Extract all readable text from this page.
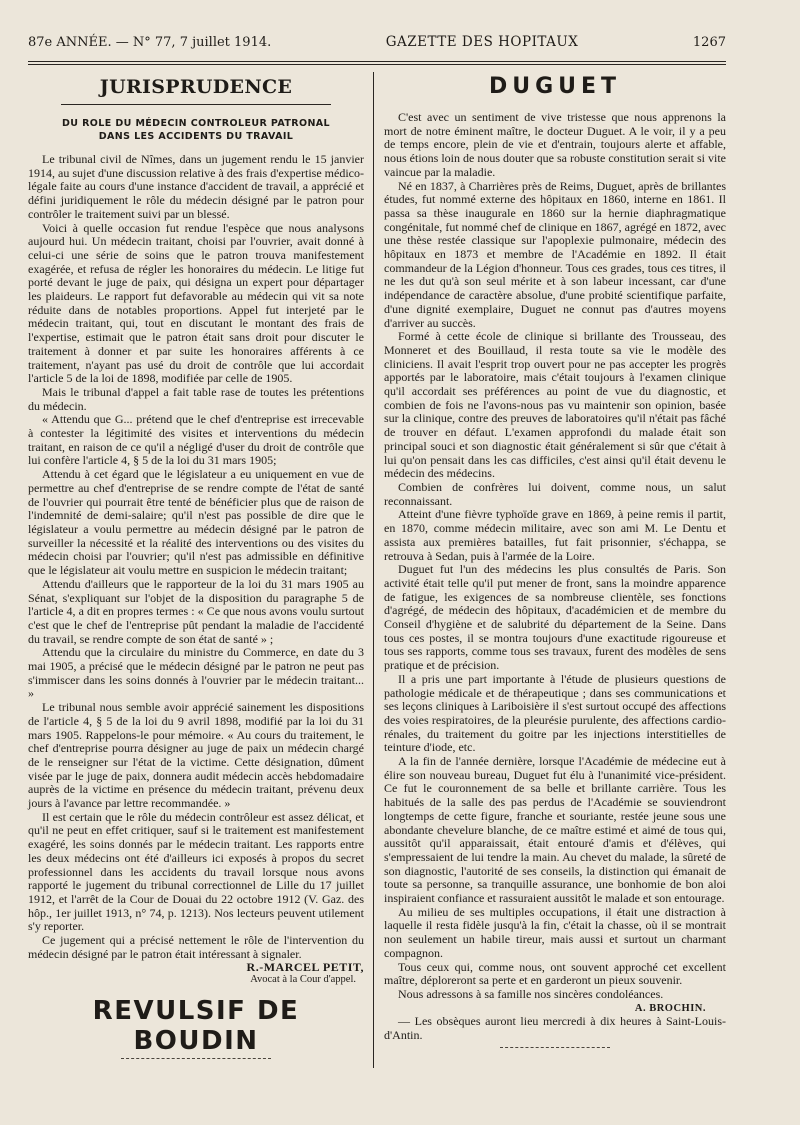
87e ANNÉE. — N° 77, 7 juillet 1914.	GAZETTE DES HOPITAUX	1267
JURISPRUDENCE
DU ROLE DU MÉDECIN CONTROLEUR PATRONAL
DANS LES ACCIDENTS DU TRAVAIL

Le tribunal civil de Nîmes, dans un jugement rendu le 15 janvier 1914, au sujet d'une discussion relative à des frais d'expertise médico-légale faite au cours d'une instance d'accident de travail, a apprécié et défini juridiquement le rôle du médecin désigné par le patron pour contrôler le traitement suivi par un blessé.

Voici à quelle occasion fut rendue l'espèce que nous analysons aujourd hui. Un médecin traitant, choisi par l'ouvrier, avait donné à celui-ci une série de soins que le patron trouva manifestement exagérée, et refusa de régler les honoraires du médecin. Le litige fut porté devant le juge de paix, qui désigna un expert pour départager les plaideurs. Le rapport fut defavorable au médecin qui vit sa note réduite dans de notables proportions. Appel fut interjeté par le médecin traitant, qui, tout en discutant le montant des frais de l'expertise, estimait que le patron était sans droit pour discuter le traitement à donner et par suite les honoraires afférents à ce traitement, n'ayant pas usé du droit de contrôle que lui accordait l'article 5 de la loi de 1898, modifiée par celle de 1905.

Mais le tribunal d'appel a fait table rase de toutes les prétentions du médecin.

« Attendu que G... prétend que le chef d'entreprise est irrecevable à contester la légitimité des visites et interventions du médecin traitant, en raison de ce qu'il a négligé d'user du droit de contrôle que lui confère l'article 4, § 5 de la loi du 31 mars 1905;

Attendu à cet égard que le législateur a eu uniquement en vue de permettre au chef d'entreprise de se rendre compte de l'état de santé de l'ouvrier qui pourrait être tenté de bénéficier plus que de raison de l'indemnité de demi-salaire; qu'il n'est pas possible de dire que le législateur a voulu permettre au médecin désigné par le patron de surveiller la nécessité et la réalité des interventions ou des visites du médecin choisi par l'ouvrier; qu'il n'est pas admissible en définitive que le législateur ait voulu mettre en suspicion le médecin traitant;

Attendu d'ailleurs que le rapporteur de la loi du 31 mars 1905 au Sénat, s'expliquant sur l'objet de la disposition du paragraphe 5 de l'article 4, a dit en propres termes : « Ce que nous avons voulu surtout c'est que le chef de l'entreprise pût pendant la maladie de l'accidenté du travail, se rendre compte de son état de santé » ;

Attendu que la circulaire du ministre du Commerce, en date du 3 mai 1905, a précisé que le médecin désigné par le patron ne peut pas s'immiscer dans les soins donnés à l'ouvrier par le médecin traitant... »

Le tribunal nous semble avoir apprécié sainement les dispositions de l'article 4, § 5 de la loi du 9 avril 1898, modifié par la loi du 31 mars 1905. Rappelons-le pour mémoire. « Au cours du traitement, le chef d'entreprise pourra désigner au juge de paix un médecin chargé de le renseigner sur l'état de la victime. Cette désignation, dûment visée par le juge de paix, donnera audit médecin accès hebdomadaire auprès de la victime en présence du médecin traitant, prévenu deux jours à l'avance par lettre recommandée. »

Il est certain que le rôle du médecin contrôleur est assez délicat, et qu'il ne peut en effet critiquer, sauf si le traitement est manifestement exagéré, les soins donnés par le médecin traitant. Les rapports entre les deux médecins ont été d'ailleurs ici exposés à propos du secret professionnel dans les accidents du travail lorsque nous avons rapporté le jugement du tribunal correctionnel de Lille du 17 juillet 1912, et l'arrêt de la Cour de Douai du 22 octobre 1912 (V. Gaz. des hôp., 1er juillet 1913, n° 74, p. 1213). Nos lecteurs peuvent utilement s'y reporter.

Ce jugement qui a précisé nettement le rôle de l'intervention du médecin désigné par le patron était intéressant à signaler.

R.-MARCEL PETIT,
Avocat à la Cour d'appel.
REVULSIF DE BOUDIN
DUGUET

C'est avec un sentiment de vive tristesse que nous apprenons la mort de notre éminent maître, le docteur Duguet. A le voir, il y a peu de temps encore, plein de vie et d'entrain, toujours alerte et affable, nous étions loin de nous douter que sa robuste constitution serait si vite vaincue par la maladie.

Né en 1837, à Charrières près de Reims, Duguet, après de brillantes études, fut nommé externe des hôpitaux en 1860, interne en 1861. Il passa sa thèse inaugurale en 1860 sur la hernie diaphragmatique congénitale, fut nommé chef de clinique en 1867, agrégé en 1872, avec une thèse restée classique sur l'apoplexie pulmonaire, médecin des hôpitaux en 1873 et membre de l'Académie en 1892. Il était commandeur de la Légion d'honneur. Tous ces grades, tous ces titres, il ne les dut qu'à son seul mérite et à son labeur incessant, car d'une indépendance de caractère absolue, d'une probité scientifique parfaite, d'une dignité exemplaire, Duguet ne connut pas d'autres moyens d'arriver au succès.

Formé à cette école de clinique si brillante des Trousseau, des Monneret et des Bouillaud, il resta toute sa vie le modèle des cliniciens. Il avait l'esprit trop ouvert pour ne pas accepter les progrès apportés par le laboratoire, mais c'était toujours à l'examen clinique qu'il accordait ses préférences au point de vue du diagnostic, et combien de fois ne l'avons-nous pas vu maintenir son opinion, basée sur la clinique, contre des preuves de laboratoires qu'il n'était pas fâché de trouver en défaut. L'examen approfondi du malade était son principal souci et son diagnostic était généralement si sûr que c'était à lui qu'on pensait dans les cas difficiles, c'est ainsi qu'il était devenu le médecin des médecins.

Combien de confrères lui doivent, comme nous, un salut reconnaissant.

Atteint d'une fièvre typhoïde grave en 1869, à peine remis il partit, en 1870, comme médecin militaire, avec son ami M. Le Dentu et assista aux premières batailles, fut fait prisonnier, s'échappa, se retrouva à Sedan, puis à l'armée de la Loire.

Duguet fut l'un des médecins les plus consultés de Paris. Son activité était telle qu'il put mener de front, sans la moindre apparence de fatigue, les exigences de sa nombreuse clientèle, ses fonctions d'agrégé, de médecin des hôpitaux, d'académicien et de membre du Conseil d'hygiène et de salubrité du département de la Seine. Dans tous ces postes, il se montra toujours d'une exactitude rigoureuse et tous ses rapports, comme tous ses travaux, furent des modèles de sens pratique et de précision.

Il a pris une part importante à l'étude de plusieurs questions de pathologie médicale et de thérapeutique ; dans ses communications et ses leçons cliniques à Lariboisière il s'est surtout occupé des affections des voies respiratoires, de la pleurésie purulente, des affections cardio-rénales, du traitement du goitre par les injections interstitielles de teinture d'iode, etc.

A la fin de l'année dernière, lorsque l'Académie de médecine eut à élire son nouveau bureau, Duguet fut élu à l'unanimité vice-président. Ce fut le couronnement de sa belle et brillante carrière. Tous les habitués de la salle des pas perdus de l'Académie se souviendront longtemps de cette figure, franche et souriante, restée jeune sous une abondante chevelure blanche, de ce maître estimé et aimé de tous qui, aussitôt qu'il apparaissait, était entouré d'amis et d'élèves, qui s'empressaient de lui tendre la main. Au chevet du malade, la sûreté de son diagnostic, l'autorité de ses conseils, la distinction qui émanait de toute sa personne, sa tranquille assurance, une bonhomie de bon aloi inspiraient confiance et rassuraient aussitôt le malade et son entourage.

Au milieu de ses multiples occupations, il était une distraction à laquelle il resta fidèle jusqu'à la fin, c'était la chasse, où il se montrait non seulement un habile tireur, mais aussi et surtout un charmant compagnon.

Tous ceux qui, comme nous, ont souvent approché cet excellent maître, déploreront sa perte et en garderont un pieux souvenir.

Nous adressons à sa famille nos sincères condoléances.

A. BROCHIN.

— Les obsèques auront lieu mercredi à dix heures à Saint-Louis-d'Antin.
